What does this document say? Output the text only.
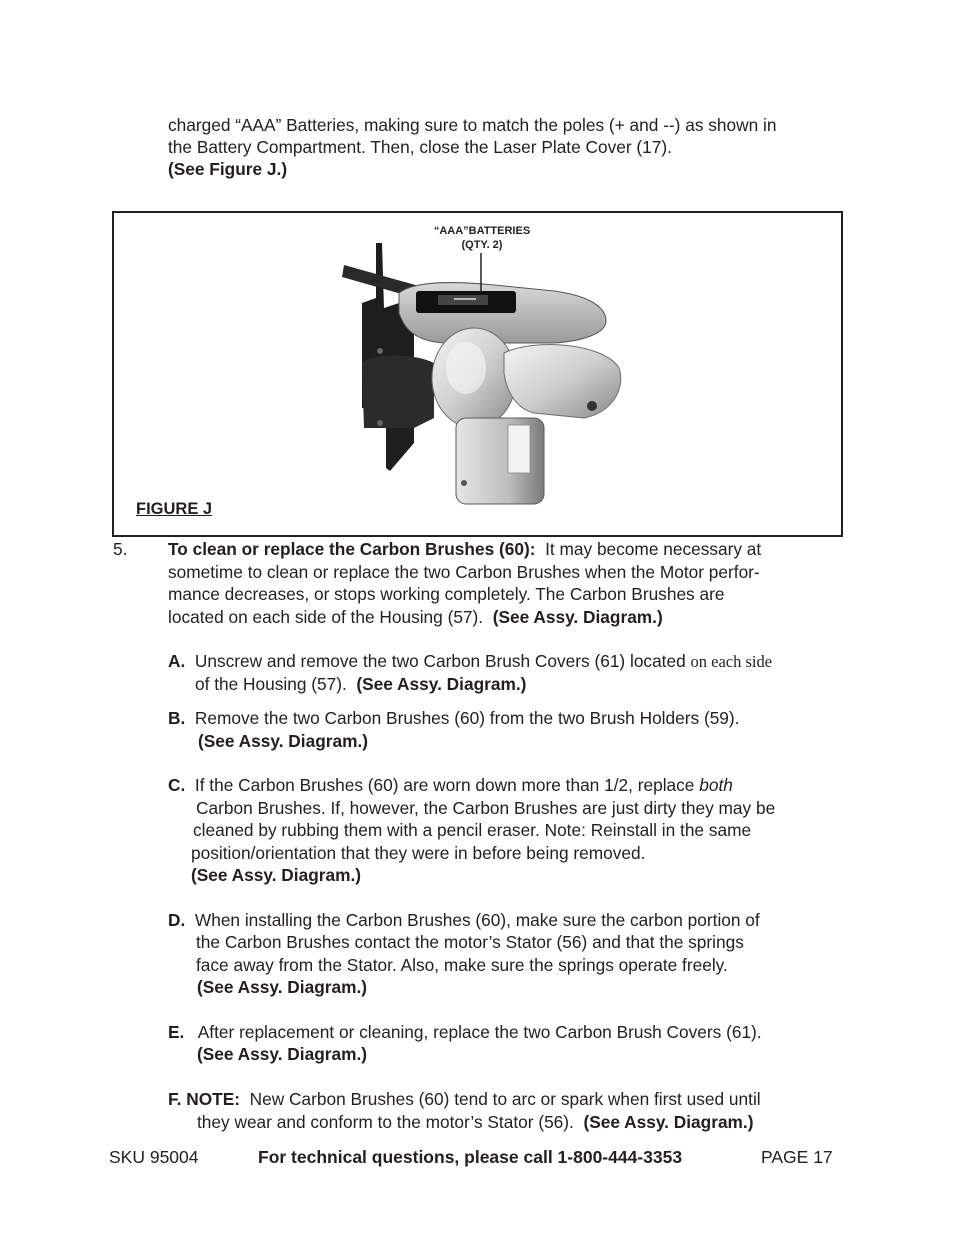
charged “AAA” Batteries, making sure to match the poles (+ and --) as shown in
the Battery Compartment. Then, close the Laser Plate Cover (17).
(See Figure J.)
“AAA”BATTERIES
(QTY. 2)
FIGURE J
5. To clean or replace the Carbon Brushes (60): It may become necessary at
sometime to clean or replace the two Carbon Brushes when the Motor perfor-
mance decreases, or stops working completely. The Carbon Brushes are
located on each side of the Housing (57). (See Assy. Diagram.)
A. Unscrew and remove the two Carbon Brush Covers (61) located on each side
of the Housing (57). (See Assy. Diagram.)
B. Remove the two Carbon Brushes (60) from the two Brush Holders (59).
(See Assy. Diagram.)
C. If the Carbon Brushes (60) are worn down more than 1/2, replace both
Carbon Brushes. If, however, the Carbon Brushes are just dirty they may be
cleaned by rubbing them with a pencil eraser. Note: Reinstall in the same
position/orientation that they were in before being removed.
(See Assy. Diagram.)
D. When installing the Carbon Brushes (60), make sure the carbon portion of
the Carbon Brushes contact the motor’s Stator (56) and that the springs
face away from the Stator. Also, make sure the springs operate freely.
(See Assy. Diagram.)
E. After replacement or cleaning, replace the two Carbon Brush Covers (61).
(See Assy. Diagram.)
F. NOTE: New Carbon Brushes (60) tend to arc or spark when first used until
they wear and conform to the motor’s Stator (56). (See Assy. Diagram.)
SKU 95004	For technical questions, please call 1-800-444-3353	PAGE 17
